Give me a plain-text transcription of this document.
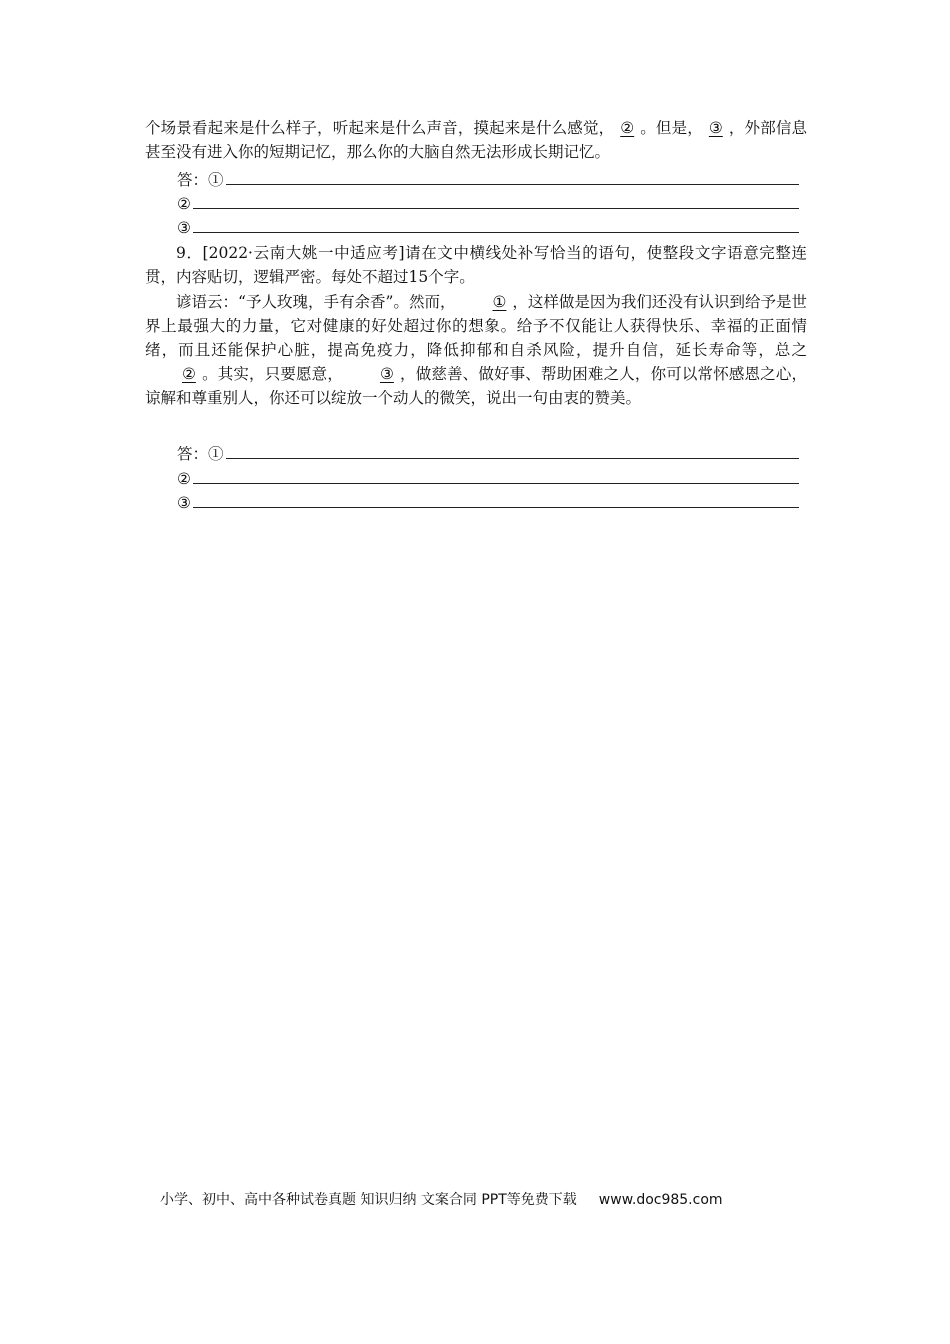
个场景看起来是什么样子，听起来是什么声音，摸起来是什么感觉， ② 。但是， ③ ，外部信息甚至没有进入你的短期记忆，那么你的大脑自然无法形成长期记忆。

答：①
②
③

9．[2022·云南大姚一中适应考]请在文中横线处补写恰当的语句，使整段文字语意完整连贯，内容贴切，逻辑严密。每处不超过15个字。

谚语云：“予人玫瑰，手有余香”。然而， ① ，这样做是因为我们还没有认识到给予是世界上最强大的力量，它对健康的好处超过你的想象。给予不仅能让人获得快乐、幸福的正面情绪，而且还能保护心脏，提高免疫力，降低抑郁和自杀风险，提升自信，延长寿命等，总之② 。其实，只要愿意， ③ ，做慈善、做好事、帮助困难之人，你可以常怀感恩之心，谅解和尊重别人，你还可以绽放一个动人的微笑，说出一句由衷的赞美。

答：①
②
③
小学、初中、高中各种试卷真题 知识归纳 文案合同 PPT等免费下载 www.doc985.com
